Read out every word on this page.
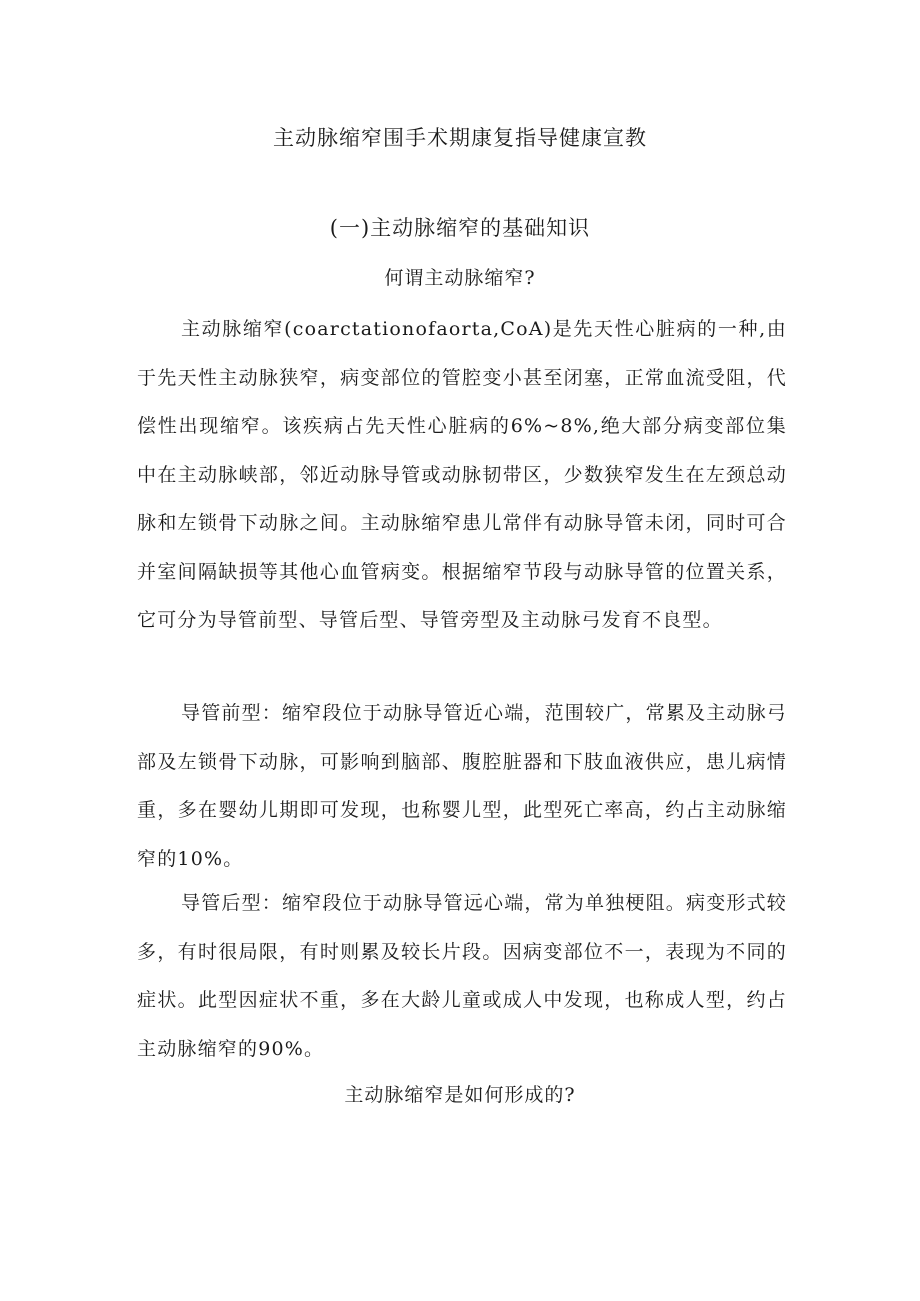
主动脉缩窄围手术期康复指导健康宣教
(一)主动脉缩窄的基础知识
何谓主动脉缩窄?

主动脉缩窄(coarctationofaorta,CoA)是先天性心脏病的一种,由于先天性主动脉狭窄，病变部位的管腔变小甚至闭塞，正常血流受阻，代偿性出现缩窄。该疾病占先天性心脏病的6%~8%,绝大部分病变部位集中在主动脉峡部，邻近动脉导管或动脉韧带区，少数狭窄发生在左颈总动脉和左锁骨下动脉之间。主动脉缩窄患儿常伴有动脉导管未闭，同时可合并室间隔缺损等其他心血管病变。根据缩窄节段与动脉导管的位置关系，它可分为导管前型、导管后型、导管旁型及主动脉弓发育不良型。

导管前型：缩窄段位于动脉导管近心端，范围较广，常累及主动脉弓部及左锁骨下动脉，可影响到脑部、腹腔脏器和下肢血液供应，患儿病情重，多在婴幼儿期即可发现，也称婴儿型，此型死亡率高，约占主动脉缩窄的10%。

导管后型：缩窄段位于动脉导管远心端，常为单独梗阻。病变形式较多，有时很局限，有时则累及较长片段。因病变部位不一，表现为不同的症状。此型因症状不重，多在大龄儿童或成人中发现，也称成人型，约占主动脉缩窄的90%。

主动脉缩窄是如何形成的?
